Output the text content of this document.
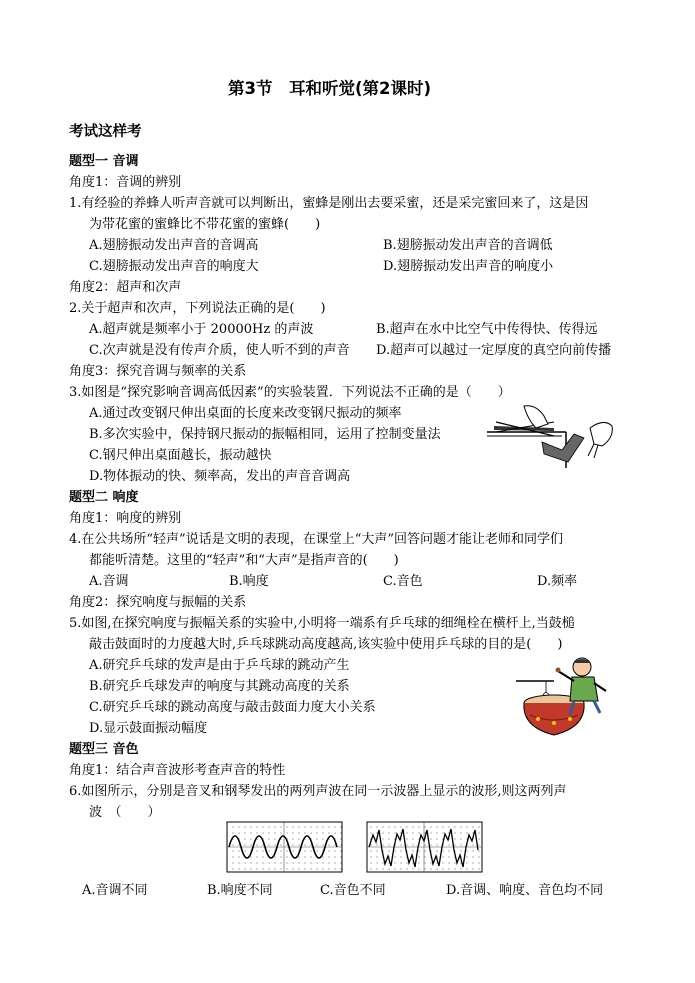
第3节　耳和听觉(第2课时)
考试这样考
题型一 音调
角度1：音调的辨别
1.有经验的养蜂人听声音就可以判断出，蜜蜂是刚出去要采蜜，还是采完蜜回来了，这是因
为带花蜜的蜜蜂比不带花蜜的蜜蜂(　　)
A.翅膀振动发出声音的音调高	B.翅膀振动发出声音的音调低
C.翅膀振动发出声音的响度大	D.翅膀振动发出声音的响度小
角度2：超声和次声
2.关于超声和次声，下列说法正确的是(　　)
A.超声就是频率小于 20000Hz 的声波	B.超声在水中比空气中传得快、传得远
C.次声就是没有传声介质，使人听不到的声音 D.超声可以越过一定厚度的真空向前传播
角度3：探究音调与频率的关系
3.如图是“探究影响音调高低因素”的实验装置．下列说法不正确的是（　　）
A.通过改变钢尺伸出桌面的长度来改变钢尺振动的频率
B.多次实验中，保持钢尺振动的振幅相同，运用了控制变量法
C.钢尺伸出桌面越长，振动越快
D.物体振动的快、频率高，发出的声音音调高
题型二 响度
角度1：响度的辨别
4.在公共场所“轻声”说话是文明的表现，在课堂上“大声”回答问题才能让老师和同学们
都能听清楚。这里的“轻声”和“大声”是指声音的(　　)
A.音调	B.响度	C.音色	D.频率
角度2：探究响度与振幅的关系
5.如图,在探究响度与振幅关系的实验中,小明将一端系有乒乓球的细绳栓在横杆上,当鼓槌
敲击鼓面时的力度越大时,乒乓球跳动高度越高,该实验中使用乒乓球的目的是(　　)
A.研究乒乓球的发声是由于乒乓球的跳动产生
B.研究乒乓球发声的响度与其跳动高度的关系
C.研究乒乓球的跳动高度与敲击鼓面力度大小关系
D.显示鼓面振动幅度
题型三 音色
角度1：结合声音波形考查声音的特性
6.如图所示，分别是音叉和钢琴发出的两列声波在同一示波器上显示的波形,则这两列声
波　（　　）
A.音调不同	B.响度不同	C.音色不同	D.音调、响度、音色均不同
